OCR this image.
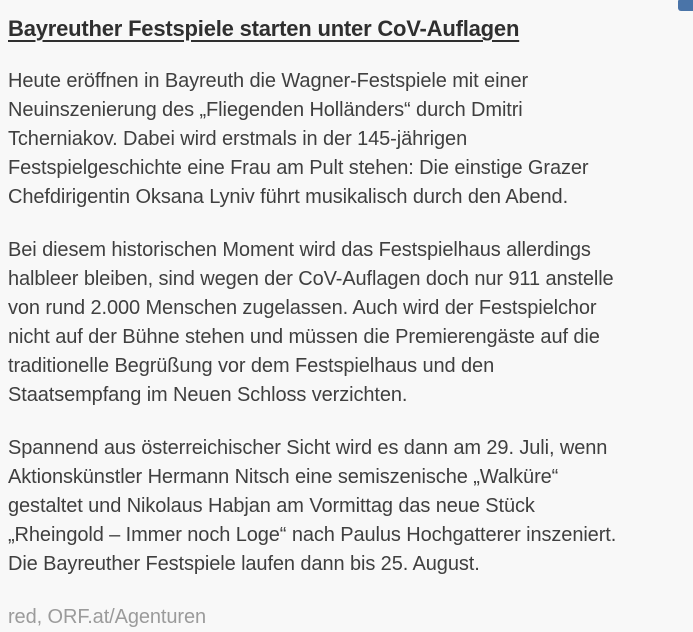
Bayreuther Festspiele starten unter CoV-Auflagen
Heute eröffnen in Bayreuth die Wagner-Festspiele mit einer
Neuinszenierung des „Fliegenden Holländers“ durch Dmitri
Tcherniakov. Dabei wird erstmals in der 145-jährigen
Festspielgeschichte eine Frau am Pult stehen: Die einstige Grazer
Chefdirigentin Oksana Lyniv führt musikalisch durch den Abend.
Bei diesem historischen Moment wird das Festspielhaus allerdings
halbleer bleiben, sind wegen der CoV-Auflagen doch nur 911 anstelle
von rund 2.000 Menschen zugelassen. Auch wird der Festspielchor
nicht auf der Bühne stehen und müssen die Premierengäste auf die
traditionelle Begrüßung vor dem Festspielhaus und den
Staatsempfang im Neuen Schloss verzichten.
Spannend aus österreichischer Sicht wird es dann am 29. Juli, wenn
Aktionskünstler Hermann Nitsch eine semiszenische „Walküre“
gestaltet und Nikolaus Habjan am Vormittag das neue Stück
„Rheingold – Immer noch Loge“ nach Paulus Hochgatterer inszeniert.
Die Bayreuther Festspiele laufen dann bis 25. August.
red, ORF.at/Agenturen
